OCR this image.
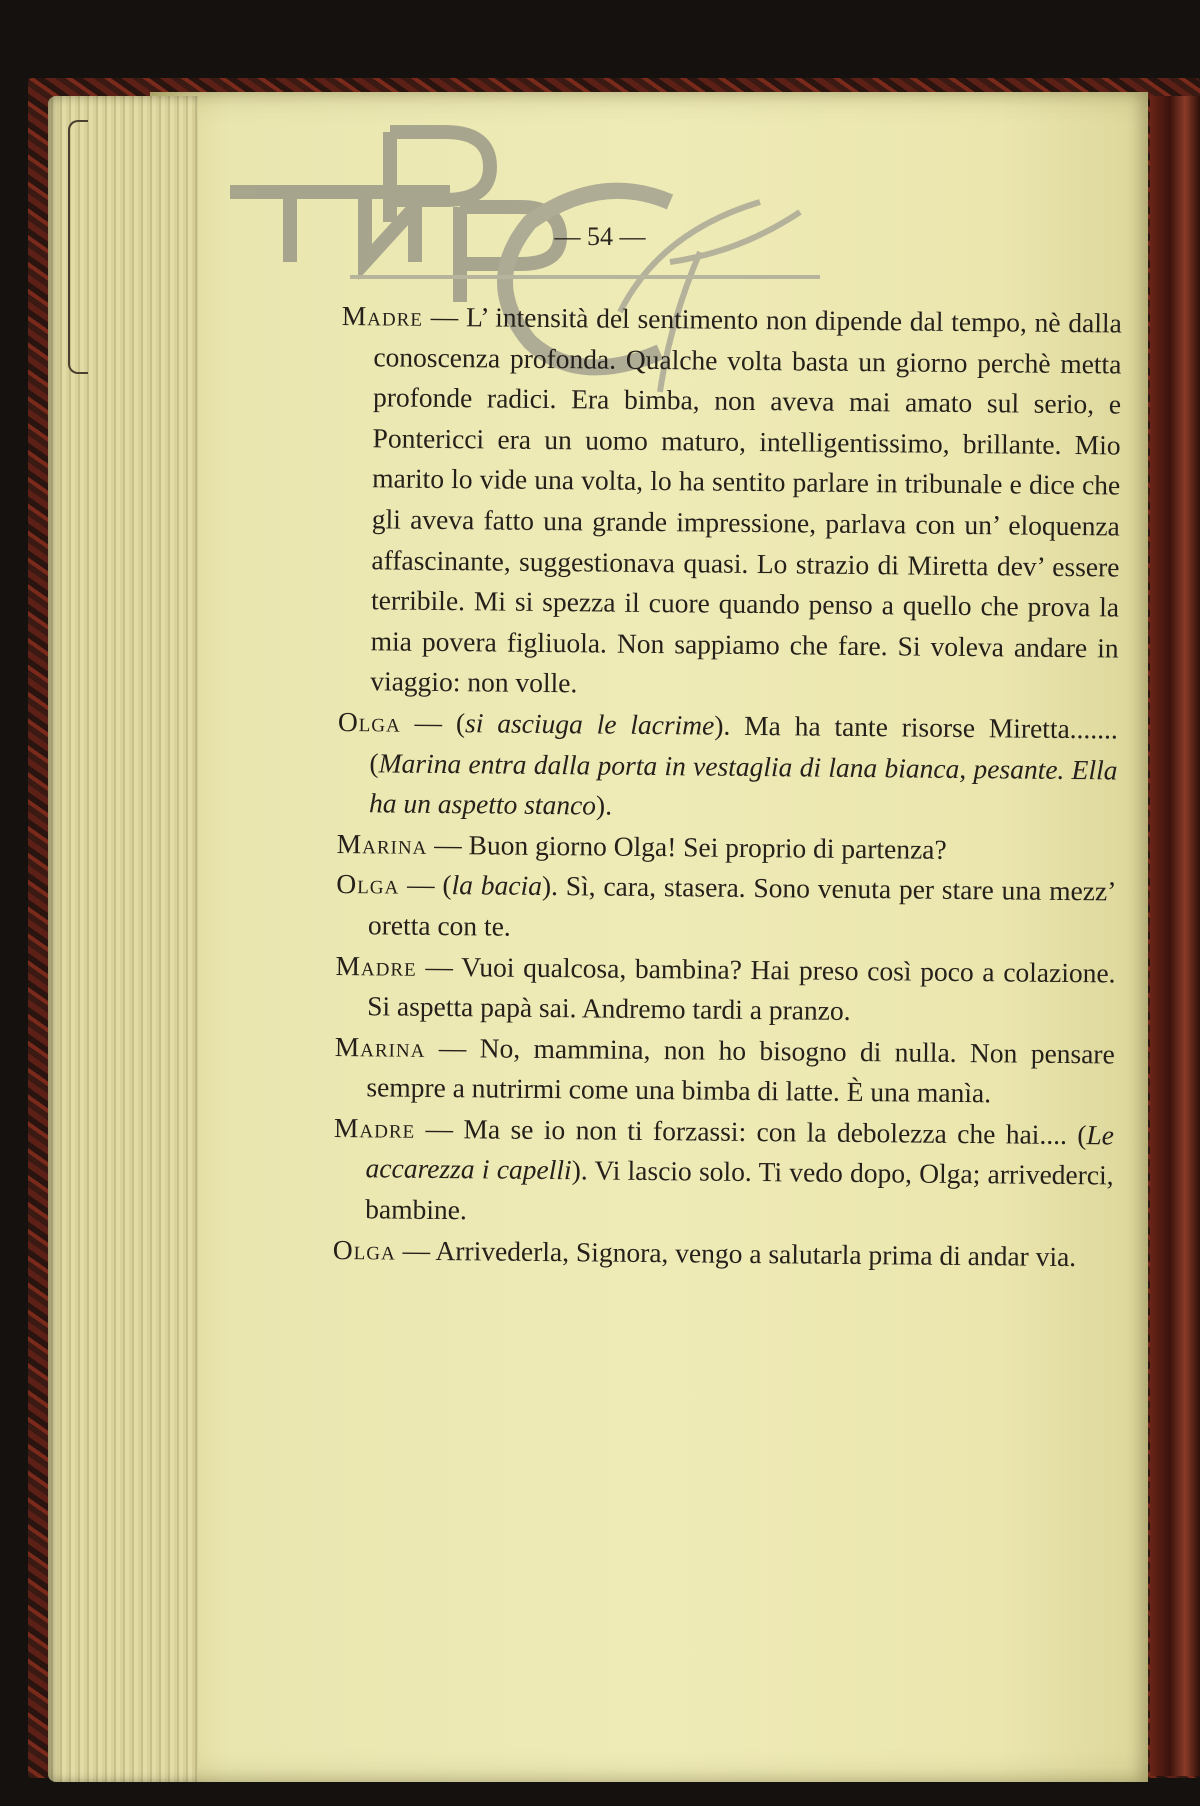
TNBPCF
— 54 —

Madre — L’ intensità del sentimento non dipende dal tempo, nè dalla conoscenza profonda. Qualche volta basta un giorno perchè metta profonde radici. Era bimba, non aveva mai amato sul serio, e Pontericci era un uomo maturo, intelligentissimo, brillante. Mio marito lo vide una volta, lo ha sentito parlare in tribunale e dice che gli aveva fatto una grande impressione, parlava con un’ eloquenza affascinante, suggestionava quasi. Lo strazio di Miretta dev’ essere terribile. Mi si spezza il cuore quando penso a quello che prova la mia povera figliuola. Non sappiamo che fare. Si voleva andare in viaggio: non volle.

Olga — (si asciuga le lacrime). Ma ha tante risorse Miretta....... (Marina entra dalla porta in vestaglia di lana bianca, pesante. Ella ha un aspetto stanco).

Marina — Buon giorno Olga! Sei proprio di partenza?

Olga — (la bacia). Sì, cara, stasera. Sono venuta per stare una mezz’ oretta con te.

Madre — Vuoi qualcosa, bambina? Hai preso così poco a colazione. Si aspetta papà sai. Andremo tardi a pranzo.

Marina — No, mammina, non ho bisogno di nulla. Non pensare sempre a nutrirmi come una bimba di latte. È una manìa.

Madre — Ma se io non ti forzassi: con la debolezza che hai.... (Le accarezza i capelli). Vi lascio solo. Ti vedo dopo, Olga; arrivederci, bambine.

Olga — Arrivederla, Signora, vengo a salutarla prima di andar via.
